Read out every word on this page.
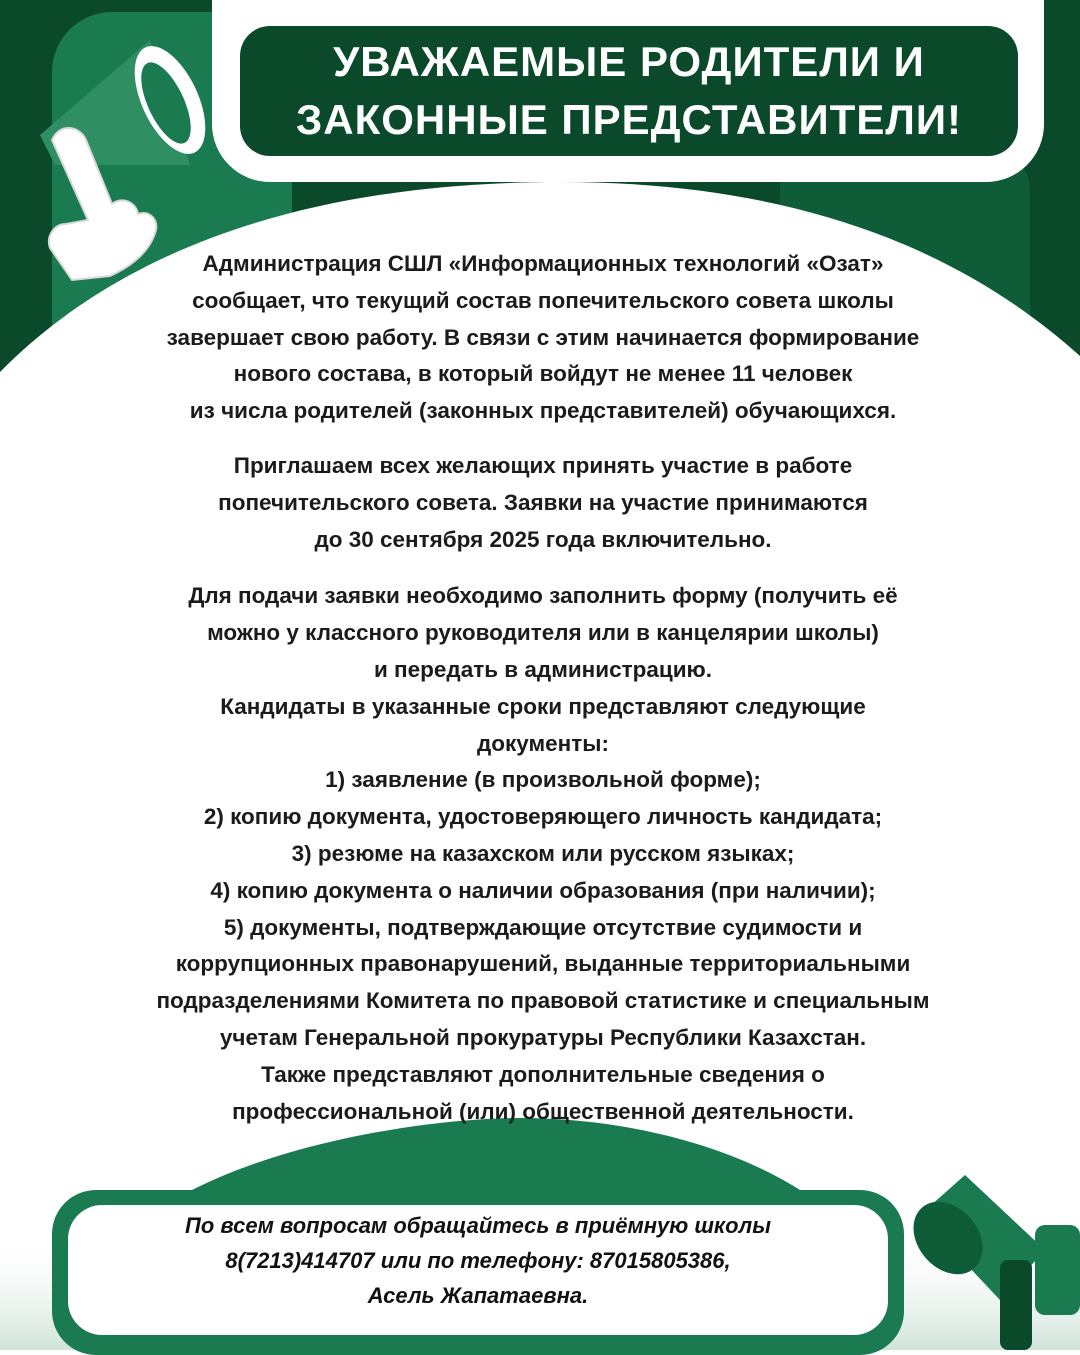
УВАЖАЕМЫЕ РОДИТЕЛИ И
ЗАКОННЫЕ ПРЕДСТАВИТЕЛИ!
Администрация СШЛ «Информационных технологий «Озат»
сообщает, что текущий состав попечительского совета школы
завершает свою работу. В связи с этим начинается формирование
нового состава, в который войдут не менее 11 человек
из числа родителей (законных представителей) обучающихся.
Приглашаем всех желающих принять участие в работе
попечительского совета. Заявки на участие принимаются
до 30 сентября 2025 года включительно.
Для подачи заявки необходимо заполнить форму (получить её
можно у классного руководителя или в канцелярии школы)
и передать в администрацию.
Кандидаты в указанные сроки представляют следующие
документы:
1) заявление (в произвольной форме);
2) копию документа, удостоверяющего личность кандидата;
3) резюме на казахском или русском языках;
4) копию документа о наличии образования (при наличии);
5) документы, подтверждающие отсутствие судимости и
коррупционных правонарушений, выданные территориальными
подразделениями Комитета по правовой статистике и специальным
учетам Генеральной прокуратуры Республики Казахстан.
Также представляют дополнительные сведения о
профессиональной (или) общественной деятельности.
По всем вопросам обращайтесь в приёмную школы
8(7213)414707 или по телефону: 87015805386,
Асель Жапатаевна.
